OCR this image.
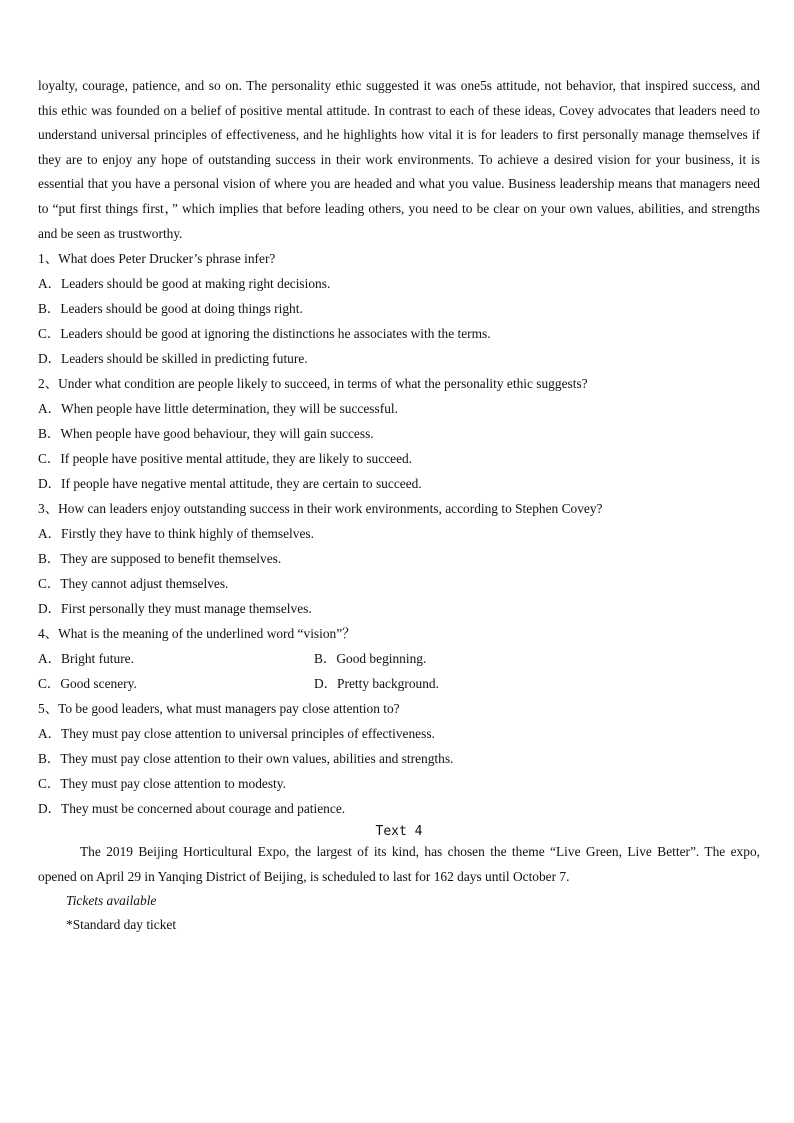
loyalty, courage, patience, and so on. The personality ethic suggested it was one5s attitude, not behavior, that inspired success, and this ethic was founded on a belief of positive mental attitude. In contrast to each of these ideas, Covey advocates that leaders need to understand universal principles of effectiveness, and he highlights how vital it is for leaders to first personally manage themselves if they are to enjoy any hope of outstanding success in their work environments. To achieve a desired vision for your business, it is essential that you have a personal vision of where you are headed and what you value. Business leadership means that managers need to “put first things first，” which implies that before leading others, you need to be clear on your own values, abilities, and strengths and be seen as trustworthy.

1、What does Peter Drucker’s phrase infer?
A．Leaders should be good at making right decisions.
B．Leaders should be good at doing things right.
C．Leaders should be good at ignoring the distinctions he associates with the terms.
D．Leaders should be skilled in predicting future.
2、Under what condition are people likely to succeed, in terms of what the personality ethic suggests?
A．When people have little determination, they will be successful.
B．When people have good behaviour, they will gain success.
C．If people have positive mental attitude, they are likely to succeed.
D．If people have negative mental attitude, they are certain to succeed.
3、How can leaders enjoy outstanding success in their work environments, according to Stephen Covey?
A．Firstly they have to think highly of themselves.
B．They are supposed to benefit themselves.
C．They cannot adjust themselves.
D．First personally they must manage themselves.
4、What is the meaning of the underlined word “vision”？
A．Bright future.	B．Good beginning.
C．Good scenery.	D．Pretty background.
5、To be good leaders, what must managers pay close attention to?
A．They must pay close attention to universal principles of effectiveness.
B．They must pay close attention to their own values, abilities and strengths.
C．They must pay close attention to modesty.
D．They must be concerned about courage and patience.
Text 4

The 2019 Beijing Horticultural Expo, the largest of its kind, has chosen the theme “Live Green, Live Better”. The expo, opened on April 29 in Yanqing District of Beijing, is scheduled to last for 162 days until October 7.

Tickets available
*Standard day ticket
